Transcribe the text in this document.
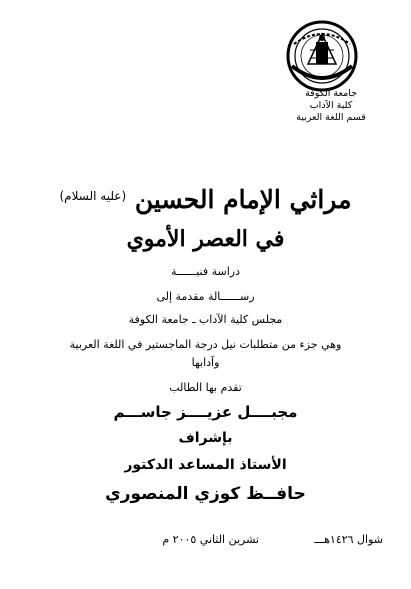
جامعة الكوفة
كلية الآداب
قسم اللغة العربية
مراثي الإمام الحسين $^{(عليه السلام)}$
في العصر الأموي
دراسة فنيــــــة
رســــــالة مقدمة إلى
مجلس كلية الآداب ـ جامعة الكوفة
وهي جزء من متطلبات نيل درجة الماجستير في اللغة العربية
وآدابها
تقدم بها الطالب
مجبــــل عزيــــز جاســـم
بإشراف
الأستاذ المساعد الدكتور
حافــظ كوزي المنصوري
شوال ١٤٢٦هـــ
تشرين الثاني ٢٠٠٥ م
